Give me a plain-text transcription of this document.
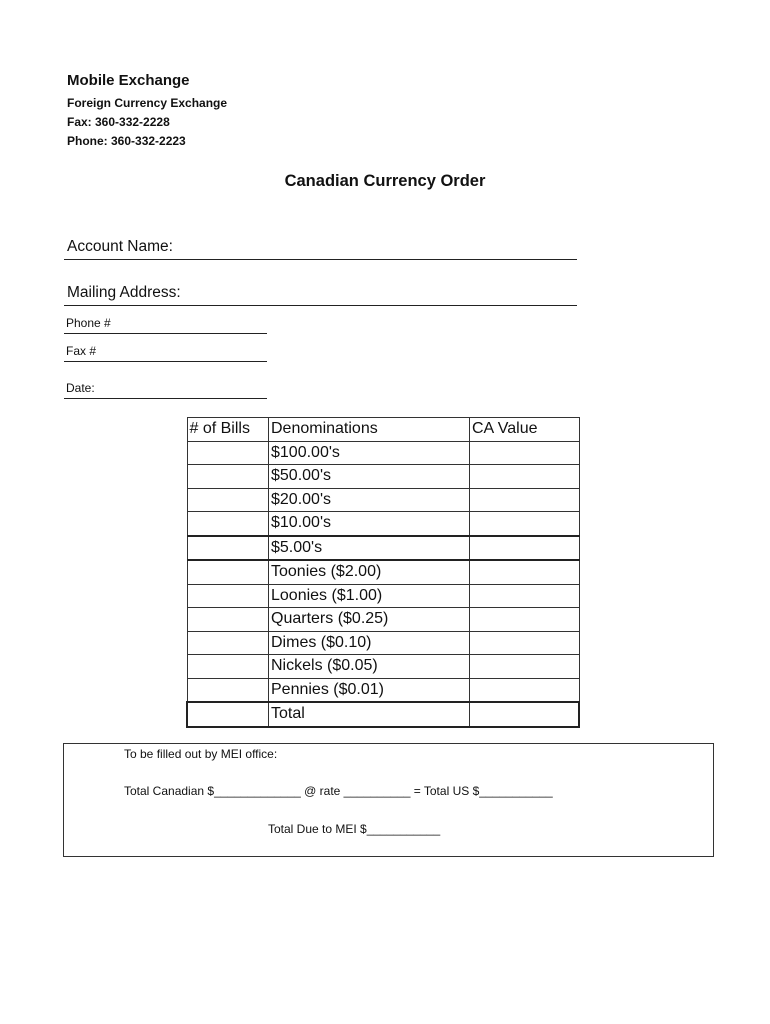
Mobile Exchange
Foreign Currency Exchange
Fax: 360-332-2228
Phone: 360-332-2223
Canadian Currency Order
Account Name:
Mailing Address:
Phone #
Fax #
Date:
# of Bills	Denominations	CA Value
	$100.00's	
	$50.00's	
	$20.00's	
	$10.00's	
	$5.00's	
	Toonies ($2.00)	
	Loonies ($1.00)	
	Quarters ($0.25)	
	Dimes ($0.10)	
	Nickels ($0.05)	
	Pennies ($0.01)	
	Total	
To be filled out by MEI office:
Total Canadian $_____________ @ rate __________ = Total US $___________
Total Due to MEI $___________
